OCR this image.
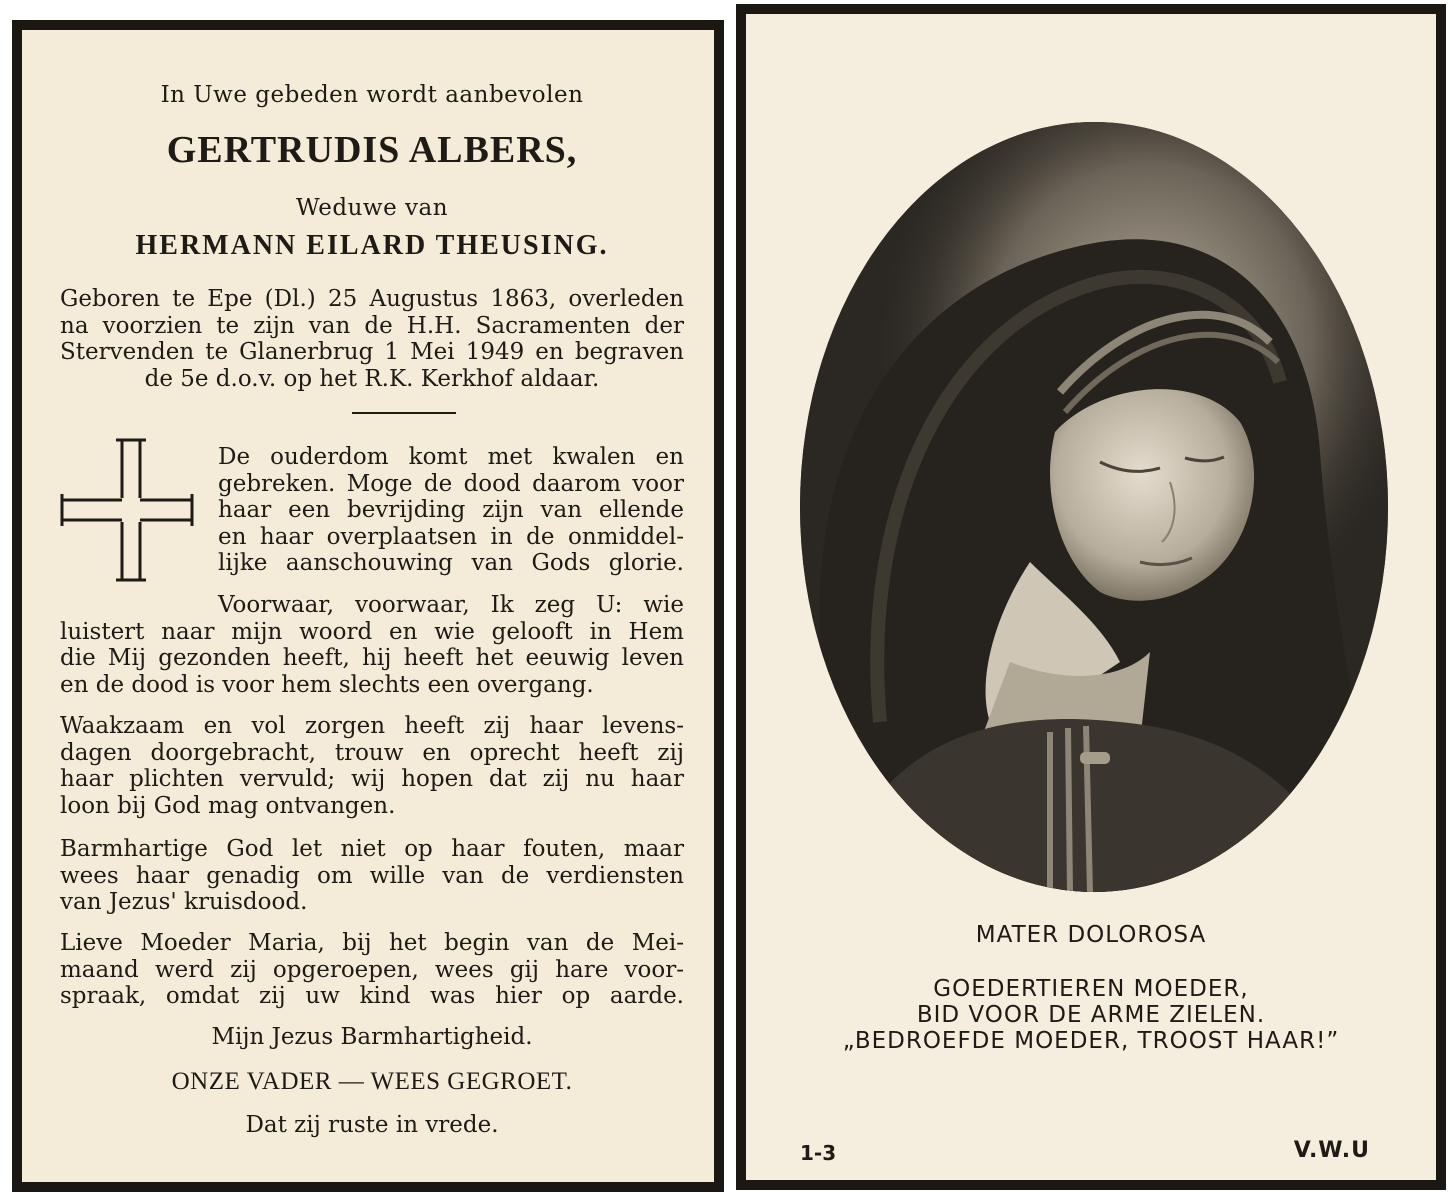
In Uwe gebeden wordt aanbevolen
GERTRUDIS ALBERS,
Weduwe van
HERMANN EILARD THEUSING.
Geboren te Epe (Dl.) 25 Augustus 1863, overleden
na voorzien te zijn van de H.H. Sacramenten der
Stervenden te Glanerbrug 1 Mei 1949 en begraven
de 5e d.o.v. op het R.K. Kerkhof aldaar.
De ouderdom komt met kwalen en
gebreken. Moge de dood daarom voor
haar een bevrijding zijn van ellende
en haar overplaatsen in de onmiddel-
lijke aanschouwing van Gods glorie.
Voorwaar, voorwaar, Ik zeg U: wie
luistert naar mijn woord en wie gelooft in Hem
die Mij gezonden heeft, hij heeft het eeuwig leven
en de dood is voor hem slechts een overgang.
Waakzaam en vol zorgen heeft zij haar levens-
dagen doorgebracht, trouw en oprecht heeft zij
haar plichten vervuld; wij hopen dat zij nu haar
loon bij God mag ontvangen.
Barmhartige God let niet op haar fouten, maar
wees haar genadig om wille van de verdiensten
van Jezus' kruisdood.
Lieve Moeder Maria, bij het begin van de Mei-
maand werd zij opgeroepen, wees gij hare voor-
spraak, omdat zij uw kind was hier op aarde.
Mijn Jezus Barmhartigheid.
ONZE VADER — WEES GEGROET.
Dat zij ruste in vrede.
MATER DOLOROSA
GOEDERTIEREN MOEDER,
BID VOOR DE ARME ZIELEN.
„BEDROEFDE MOEDER, TROOST HAAR!”
1-3	V.W.U
